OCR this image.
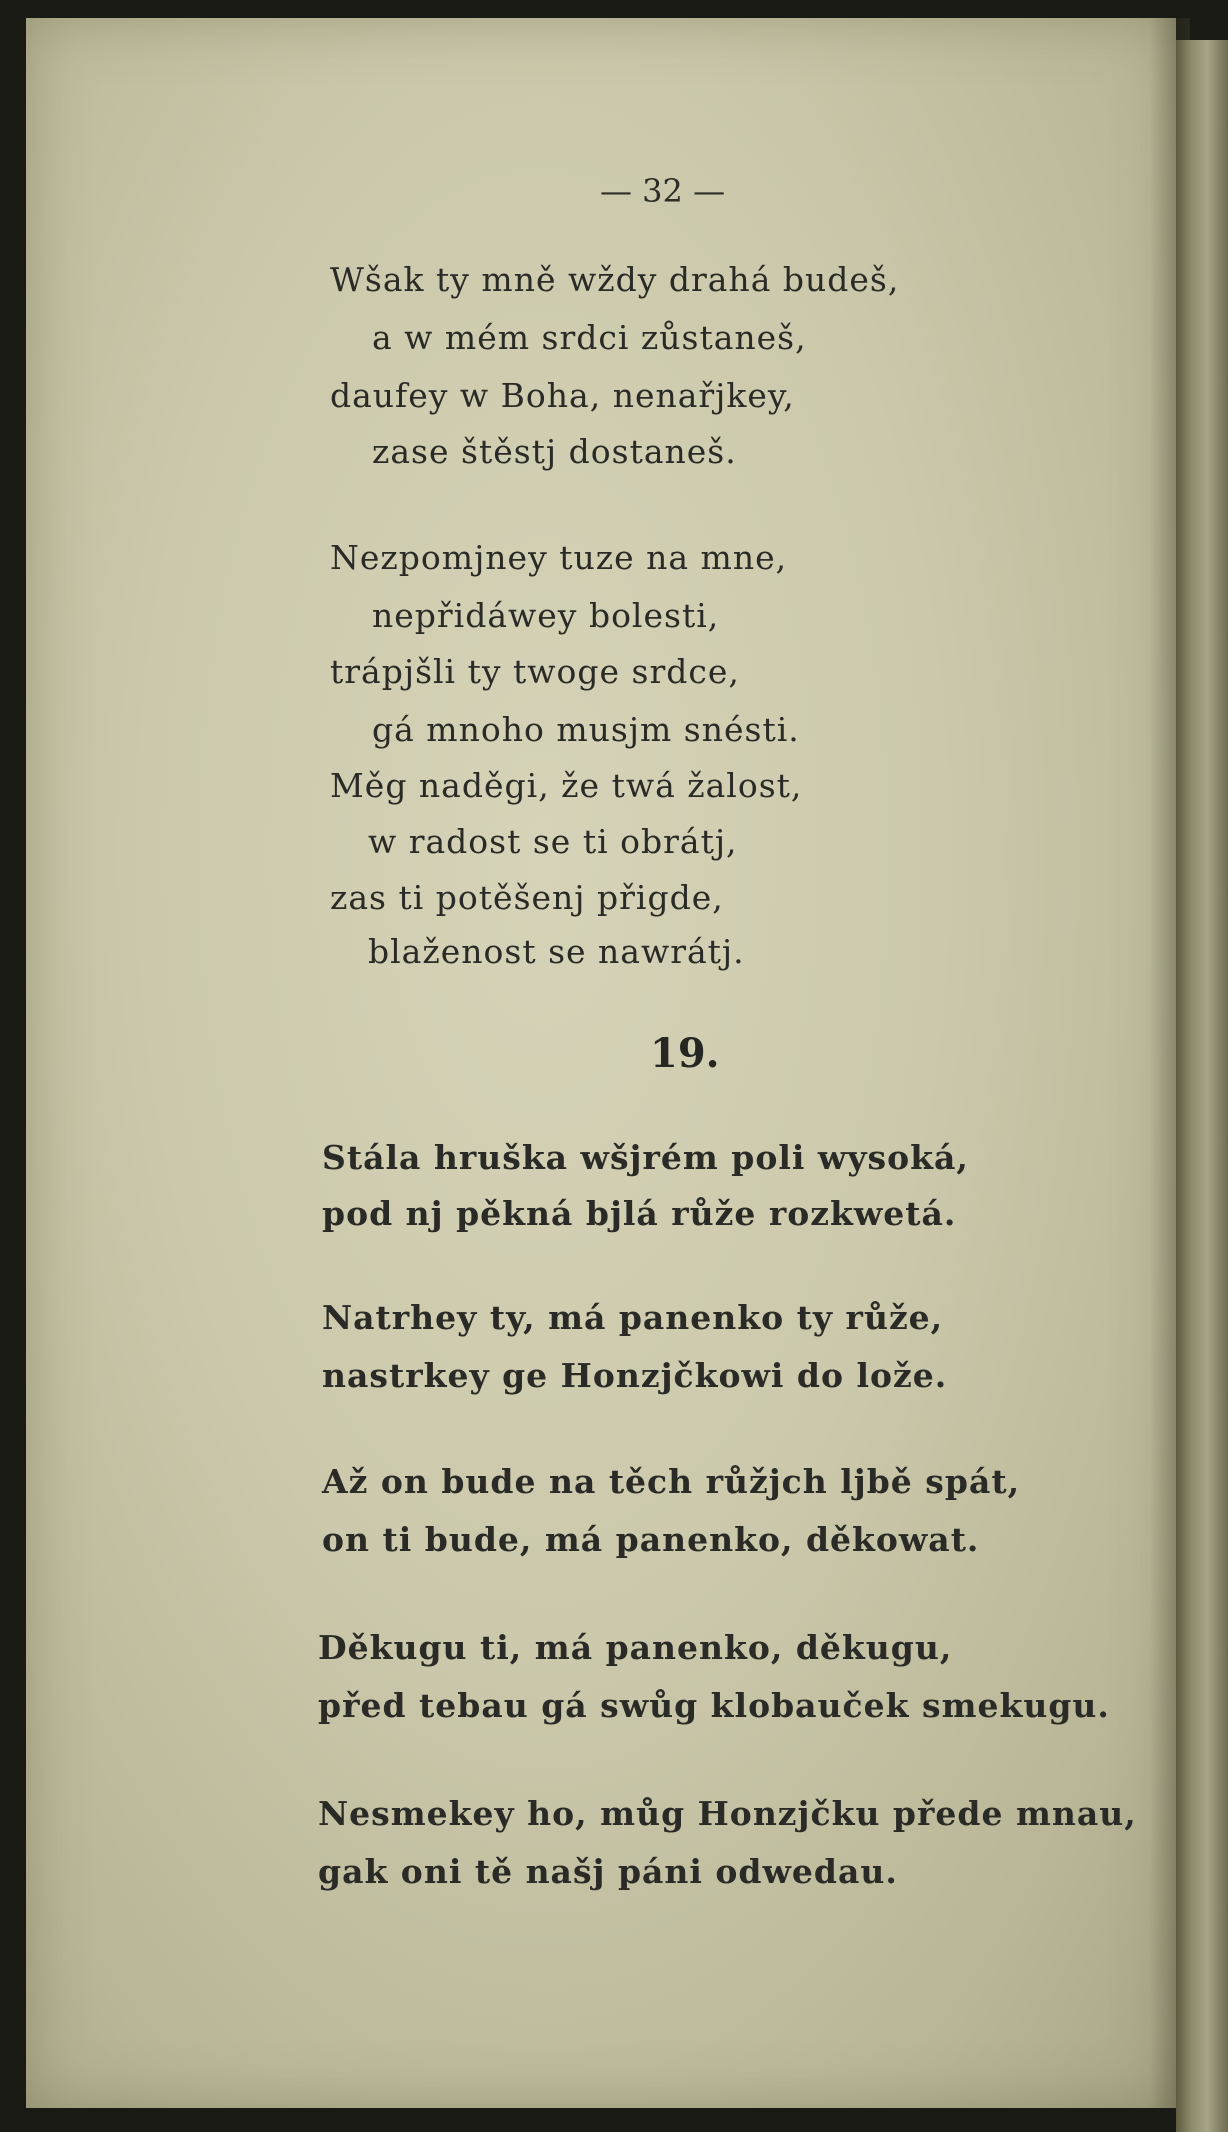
— 32 —
Wšak ty mně wždy drahá budeš,
a w mém srdci zůstaneš,
daufey w Boha, nenařjkey,
zase štěstj dostaneš.
Nezpomjney tuze na mne,
nepřidáwey bolesti,
trápjšli ty twoge srdce,
gá mnoho musjm snésti.
Měg naděgi, že twá žalost,
w radost se ti obrátj,
zas ti potěšenj přigde,
blaženost se nawrátj.
19.
Stála hruška wšjrém poli wysoká,
pod nj pěkná bjlá růže rozkwetá.
Natrhey ty, má panenko ty růže,
nastrkey ge Honzjčkowi do lože.
Až on bude na těch růžjch ljbě spát,
on ti bude, má panenko, děkowat.
Děkugu ti, má panenko, děkugu,
před tebau gá swůg klobauček smekugu.
Nesmekey ho, můg Honzjčku přede mnau,
gak oni tě našj páni odwedau.
